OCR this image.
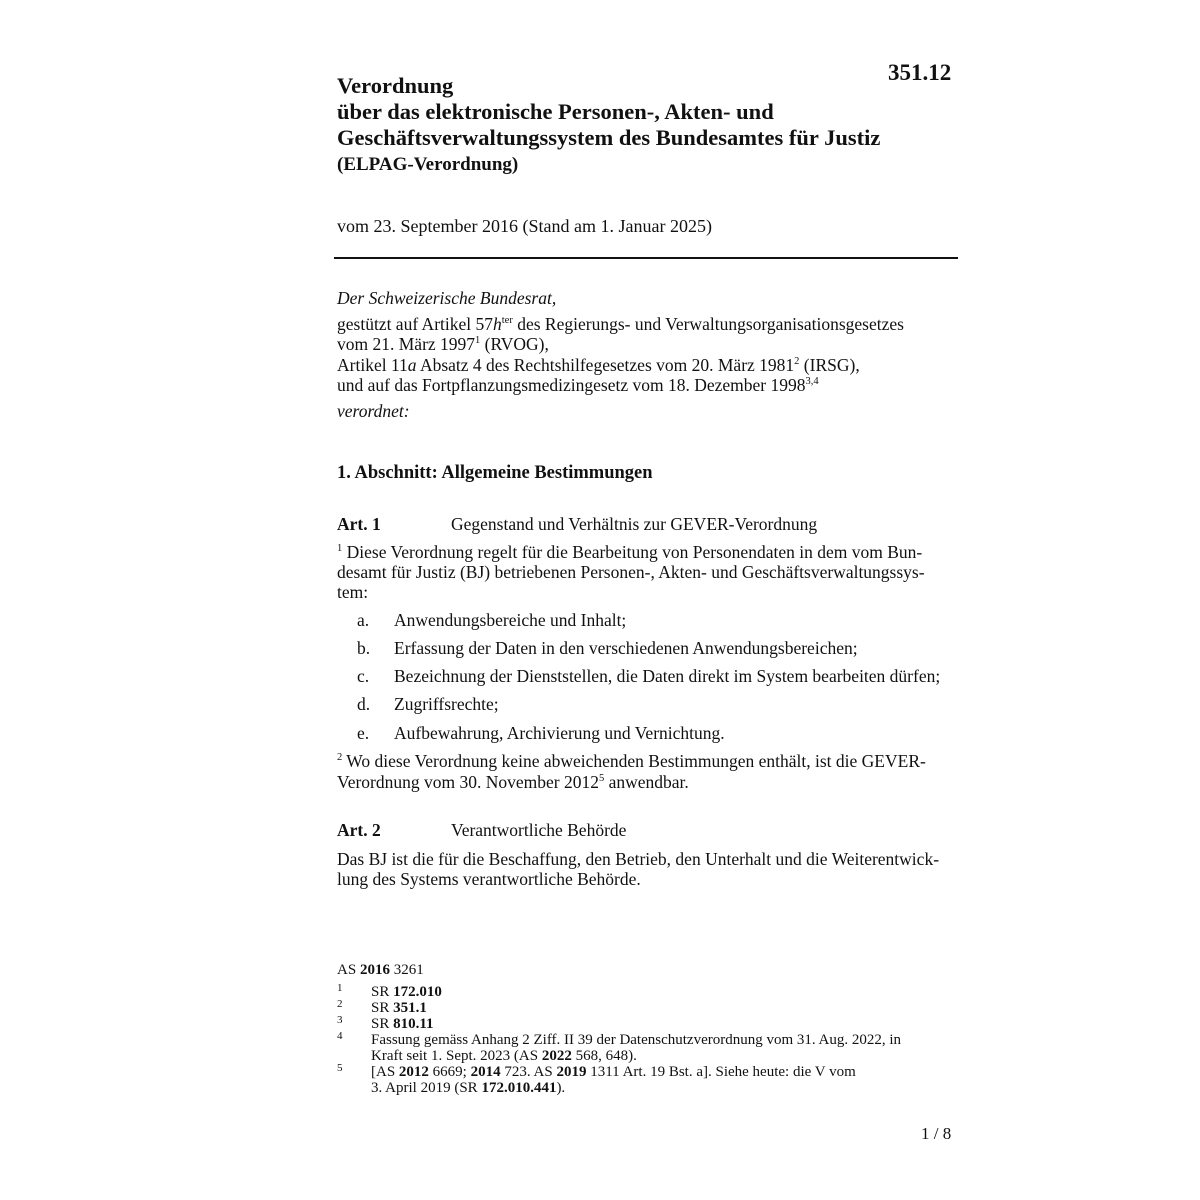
351.12
Verordnung
über das elektronische Personen-, Akten- und
Geschäftsverwaltungssystem des Bundesamtes für Justiz
(ELPAG-Verordnung)
vom 23. September 2016 (Stand am 1. Januar 2025)
Der Schweizerische Bundesrat,
gestützt auf Artikel $57h^{ter}$ des Regierungs- und Verwaltungsorganisationsgesetzes
vom 21. März 1997$^1$ (RVOG),
Artikel 11a Absatz 4 des Rechtshilfegesetzes vom 20. März 1981$^2$ (IRSG),
und auf das Fortpflanzungsmedizingesetz vom 18. Dezember 1998$^{3,4}$
verordnet:
1. Abschnitt: Allgemeine Bestimmungen
Art. 1	Gegenstand und Verhältnis zur GEVER-Verordnung
$^1$ Diese Verordnung regelt für die Bearbeitung von Personendaten in dem vom Bun-
desamt für Justiz (BJ) betriebenen Personen-, Akten- und Geschäftsverwaltungssys-
tem:
a. Anwendungsbereiche und Inhalt;
b. Erfassung der Daten in den verschiedenen Anwendungsbereichen;
c. Bezeichnung der Dienststellen, die Daten direkt im System bearbeiten dürfen;
d. Zugriffsrechte;
e. Aufbewahrung, Archivierung und Vernichtung.
$^2$ Wo diese Verordnung keine abweichenden Bestimmungen enthält, ist die GEVER-
Verordnung vom 30. November 2012$^5$ anwendbar.
Art. 2	Verantwortliche Behörde
Das BJ ist die für die Beschaffung, den Betrieb, den Unterhalt und die Weiterentwick-
lung des Systems verantwortliche Behörde.
AS 2016 3261
1 SR 172.010
2 SR 351.1
3 SR 810.11
4 Fassung gemäss Anhang 2 Ziff. II 39 der Datenschutzverordnung vom 31. Aug. 2022, in
Kraft seit 1. Sept. 2023 (AS 2022 568, 648).
5 [AS 2012 6669; 2014 723. AS 2019 1311 Art. 19 Bst. a]. Siehe heute: die V vom
3. April 2019 (SR 172.010.441).
1 / 8
